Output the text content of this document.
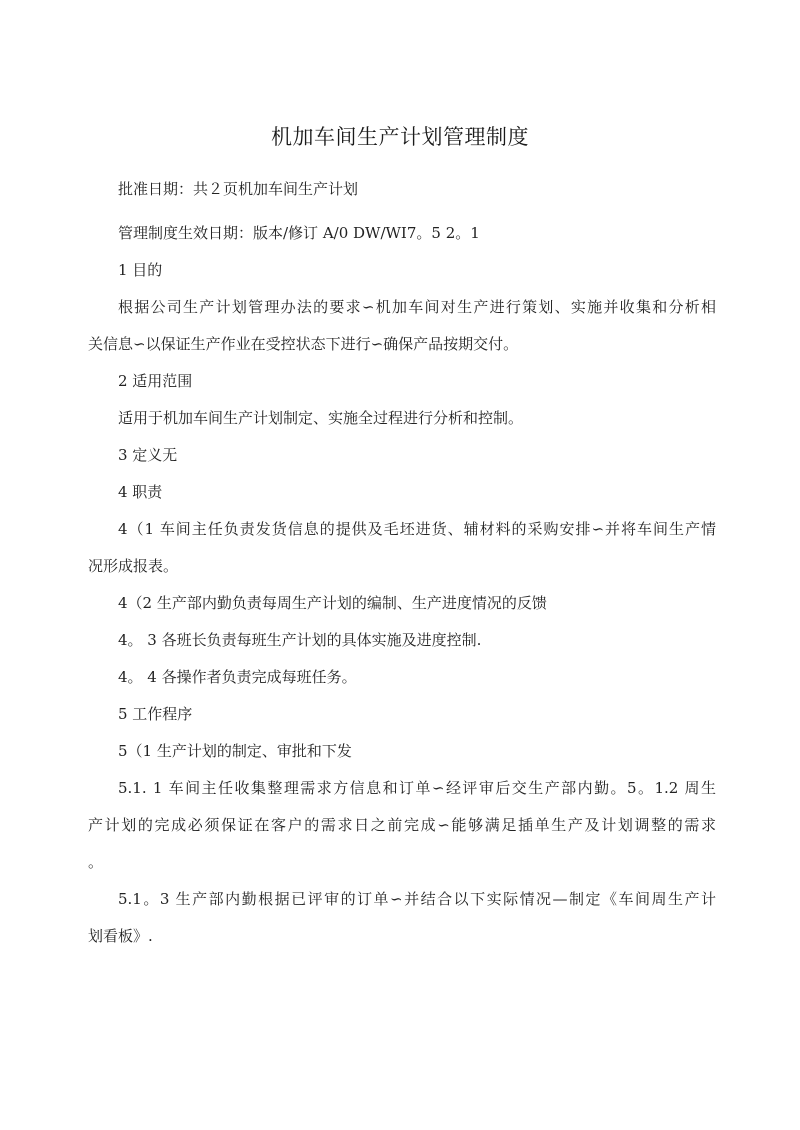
机加车间生产计划管理制度
批准日期：共２页机加车间生产计划
管理制度生效日期：版本/修订 A/0 DW/WI7。5 2。1
1 目的
根据公司生产计划管理办法的要求∽机加车间对生产进行策划、实施并收集和分析相
关信息∽以保证生产作业在受控状态下进行∽确保产品按期交付。
2 适用范围
适用于机加车间生产计划制定、实施全过程进行分析和控制。
3 定义无
4 职责
4（1 车间主任负责发货信息的提供及毛坯进货、辅材料的采购安排∽并将车间生产情
况形成报表。
4（2 生产部内勤负责每周生产计划的编制、生产进度情况的反馈
4。 3 各班长负责每班生产计划的具体实施及进度控制.
4。 4 各操作者负责完成每班任务。
5 工作程序
5（1 生产计划的制定、审批和下发
5.1. 1 车间主任收集整理需求方信息和订单∽经评审后交生产部内勤。5。1.2 周生
产计划的完成必须保证在客户的需求日之前完成∽能够满足插单生产及计划调整的需求
。
5.1。3 生产部内勤根据已评审的订单∽并结合以下实际情况—制定《车间周生产计
划看板》.
